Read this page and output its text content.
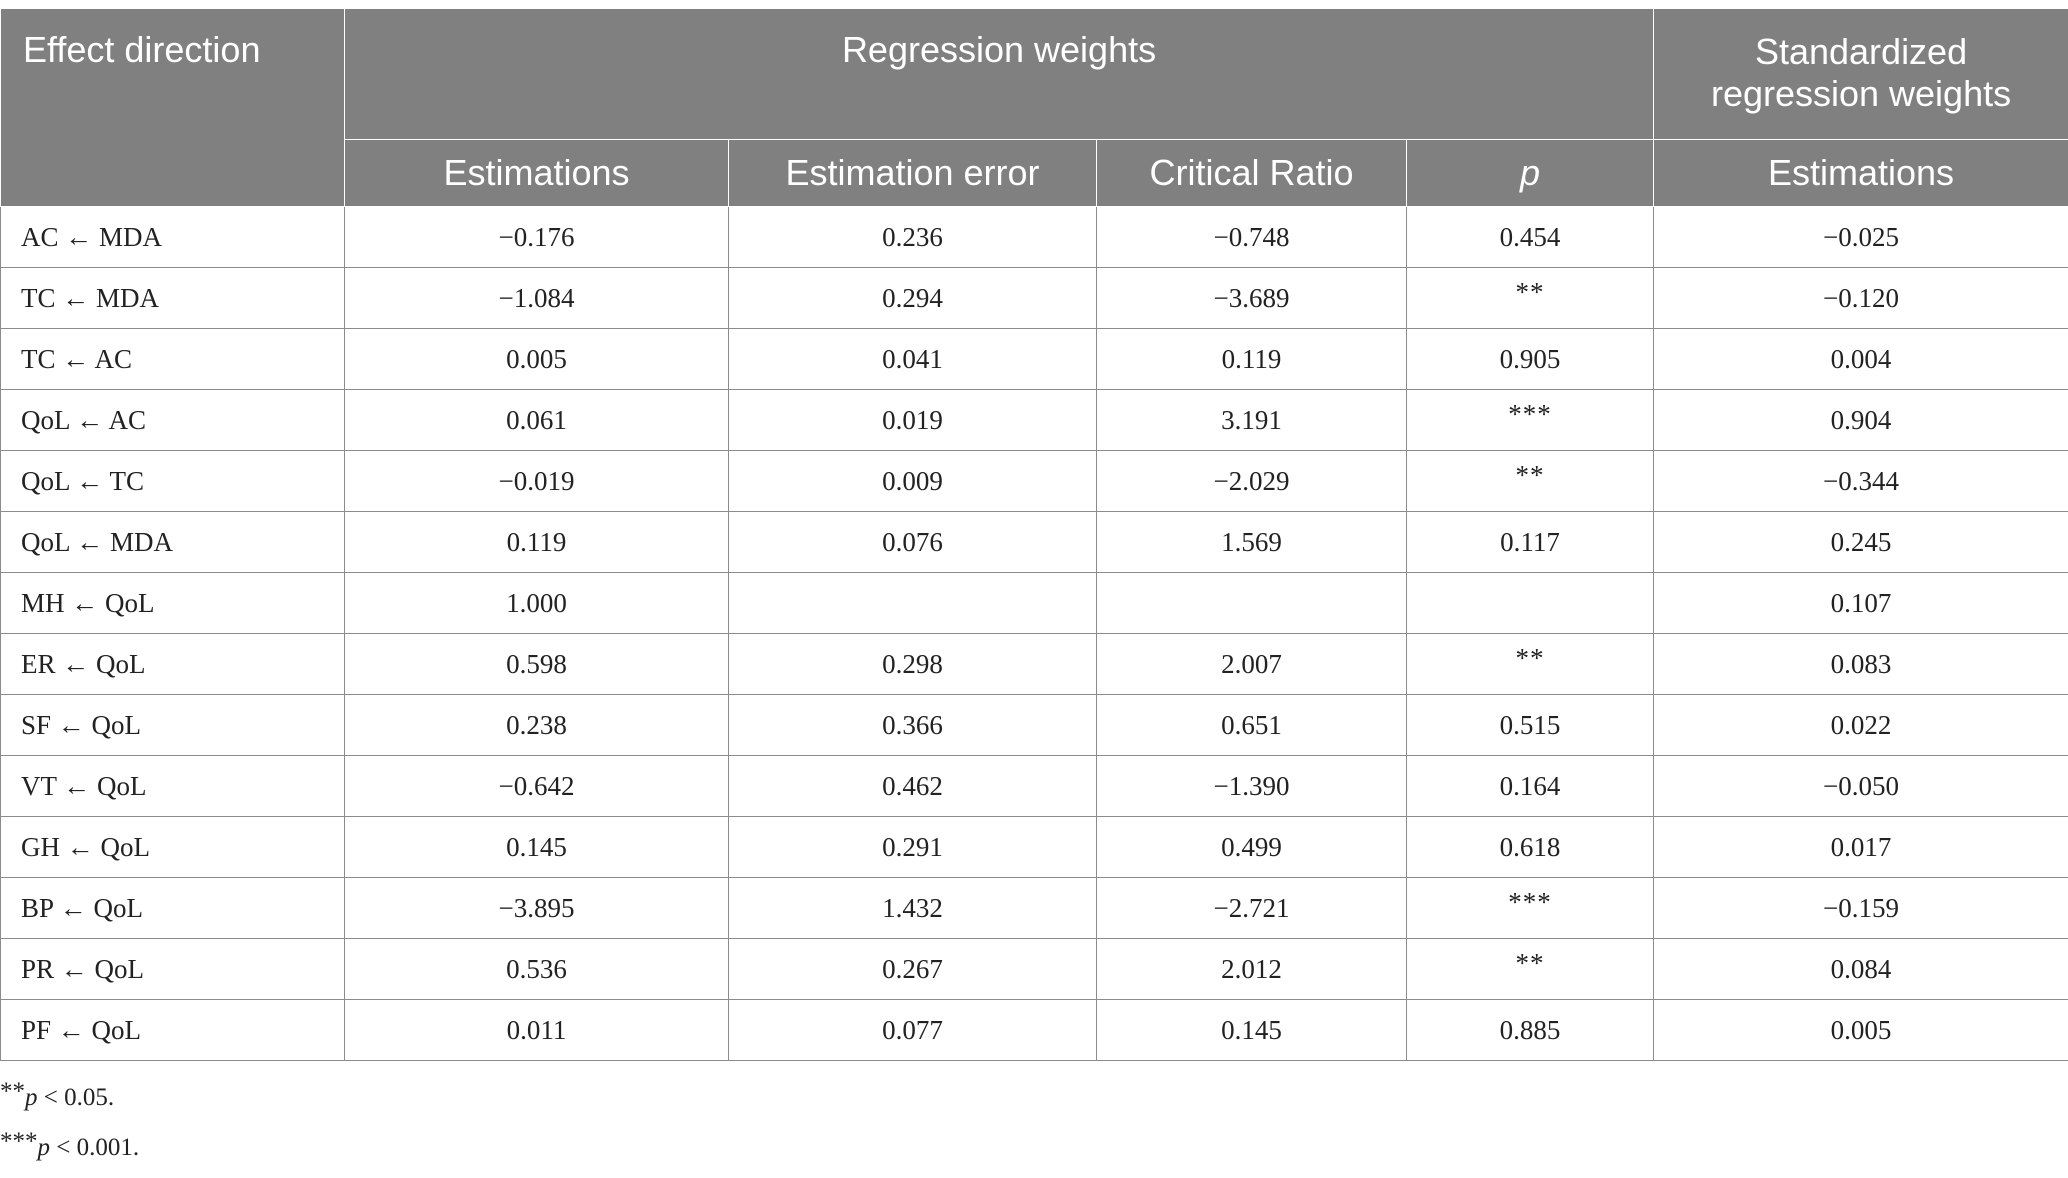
Effect direction	Regression weights				Standardized
regression weights
	Estimations	Estimation error	Critical Ratio	p	Estimations
AC ← MDA	−0.176	0.236	−0.748	0.454	−0.025
TC ← MDA	−1.084	0.294	−3.689	**	−0.120
TC ← AC	0.005	0.041	0.119	0.905	0.004
QoL ← AC	0.061	0.019	3.191	***	0.904
QoL ← TC	−0.019	0.009	−2.029	**	−0.344
QoL ← MDA	0.119	0.076	1.569	0.117	0.245
MH ← QoL	1.000				0.107
ER ← QoL	0.598	0.298	2.007	**	0.083
SF ← QoL	0.238	0.366	0.651	0.515	0.022
VT ← QoL	−0.642	0.462	−1.390	0.164	−0.050
GH ← QoL	0.145	0.291	0.499	0.618	0.017
BP ← QoL	−3.895	1.432	−2.721	***	−0.159
PR ← QoL	0.536	0.267	2.012	**	0.084
PF ← QoL	0.011	0.077	0.145	0.885	0.005
**p < 0.05.
***p < 0.001.
